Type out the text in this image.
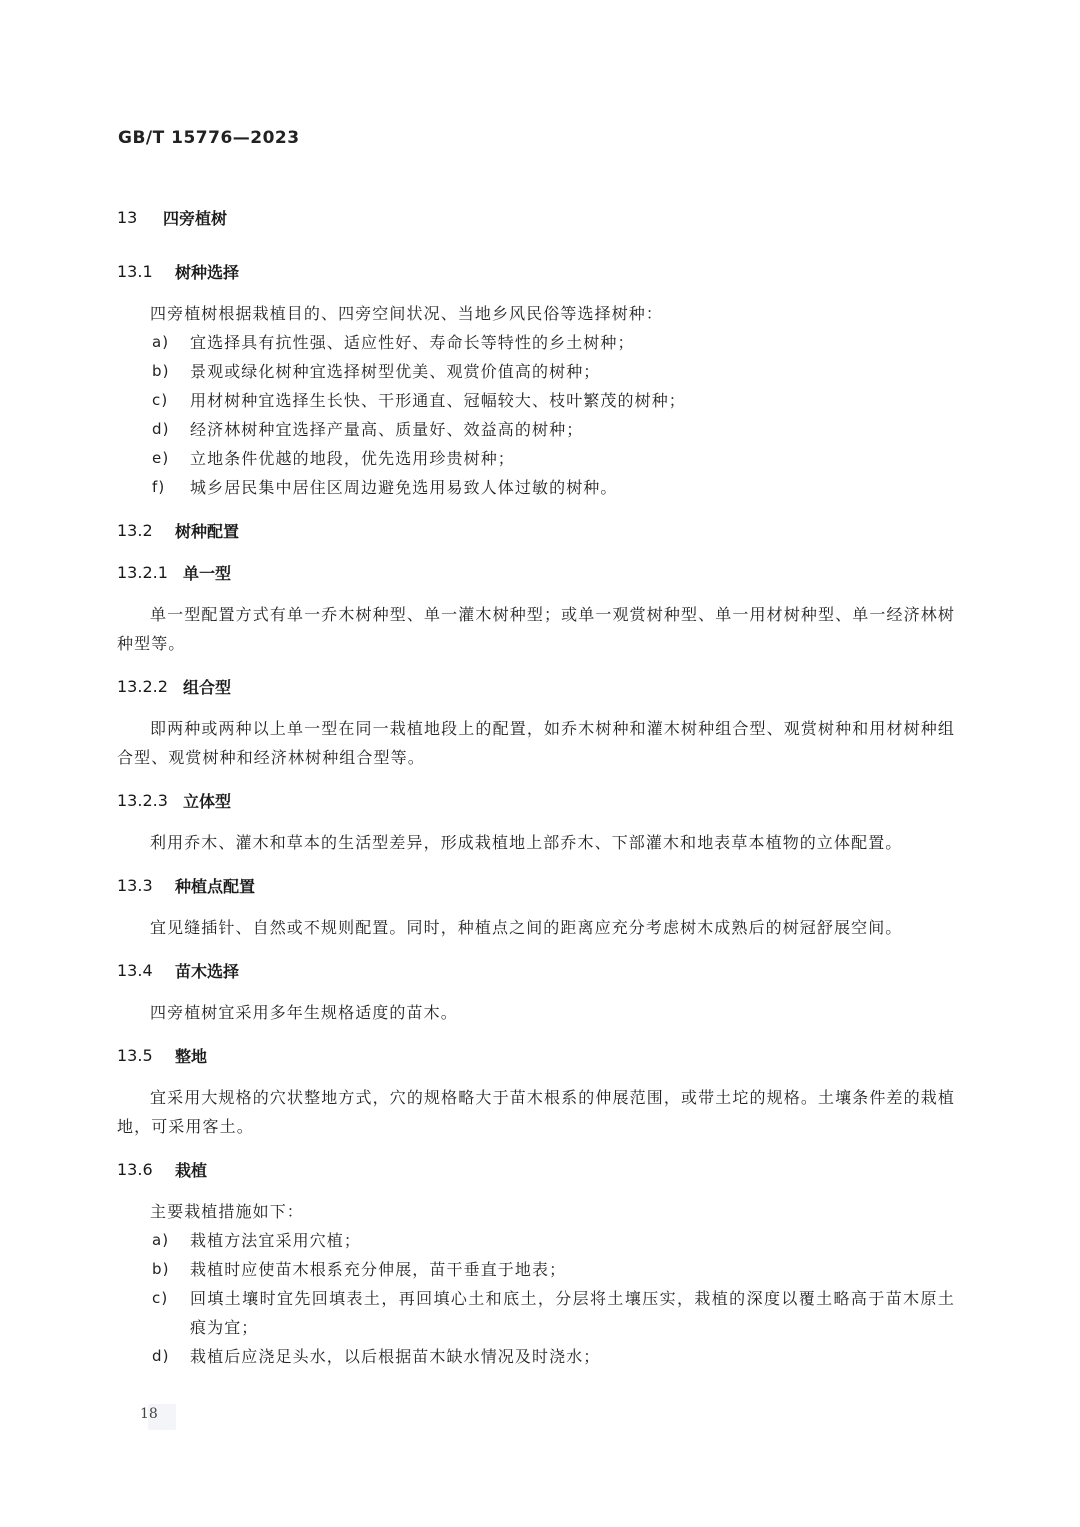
GB/T 15776—2023
13	四旁植树
13.1	树种选择

四旁植树根据栽植目的、四旁空间状况、当地乡风民俗等选择树种：

a)	宜选择具有抗性强、适应性好、寿命长等特性的乡土树种；
b)	景观或绿化树种宜选择树型优美、观赏价值高的树种；
c)	用材树种宜选择生长快、干形通直、冠幅较大、枝叶繁茂的树种；
d)	经济林树种宜选择产量高、质量好、效益高的树种；
e)	立地条件优越的地段，优先选用珍贵树种；
f)	城乡居民集中居住区周边避免选用易致人体过敏的树种。
13.2	树种配置
13.2.1 单一型

单一型配置方式有单一乔木树种型、单一灌木树种型；或单一观赏树种型、单一用材树种型、单一经济林树种型等。

13.2.2 组合型

即两种或两种以上单一型在同一栽植地段上的配置，如乔木树种和灌木树种组合型、观赏树种和用材树种组合型、观赏树种和经济林树种组合型等。

13.2.3 立体型

利用乔木、灌木和草本的生活型差异，形成栽植地上部乔木、下部灌木和地表草本植物的立体配置。

13.3	种植点配置

宜见缝插针、自然或不规则配置。同时，种植点之间的距离应充分考虑树木成熟后的树冠舒展空间。

13.4	苗木选择

四旁植树宜采用多年生规格适度的苗木。

13.5	整地

宜采用大规格的穴状整地方式，穴的规格略大于苗木根系的伸展范围，或带土坨的规格。土壤条件差的栽植地，可采用客土。

13.6	栽植

主要栽植措施如下：

a)	栽植方法宜采用穴植；
b)	栽植时应使苗木根系充分伸展，苗干垂直于地表；
c)	回填土壤时宜先回填表土，再回填心土和底土，分层将土壤压实，栽植的深度以覆土略高于苗木原土痕为宜；
d)	栽植后应浇足头水，以后根据苗木缺水情况及时浇水；
18
